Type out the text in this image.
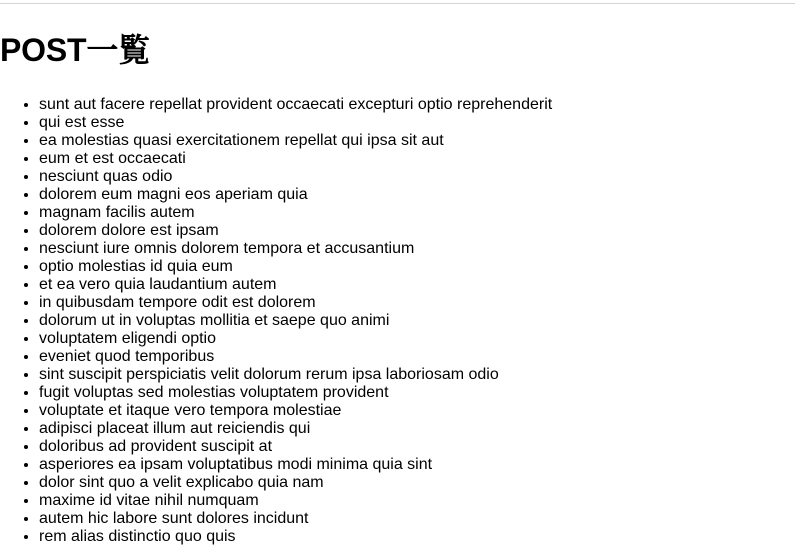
POST一覧
• sunt aut facere repellat provident occaecati excepturi optio reprehenderit
• qui est esse
• ea molestias quasi exercitationem repellat qui ipsa sit aut
• eum et est occaecati
• nesciunt quas odio
• dolorem eum magni eos aperiam quia
• magnam facilis autem
• dolorem dolore est ipsam
• nesciunt iure omnis dolorem tempora et accusantium
• optio molestias id quia eum
• et ea vero quia laudantium autem
• in quibusdam tempore odit est dolorem
• dolorum ut in voluptas mollitia et saepe quo animi
• voluptatem eligendi optio
• eveniet quod temporibus
• sint suscipit perspiciatis velit dolorum rerum ipsa laboriosam odio
• fugit voluptas sed molestias voluptatem provident
• voluptate et itaque vero tempora molestiae
• adipisci placeat illum aut reiciendis qui
• doloribus ad provident suscipit at
• asperiores ea ipsam voluptatibus modi minima quia sint
• dolor sint quo a velit explicabo quia nam
• maxime id vitae nihil numquam
• autem hic labore sunt dolores incidunt
• rem alias distinctio quo quis
